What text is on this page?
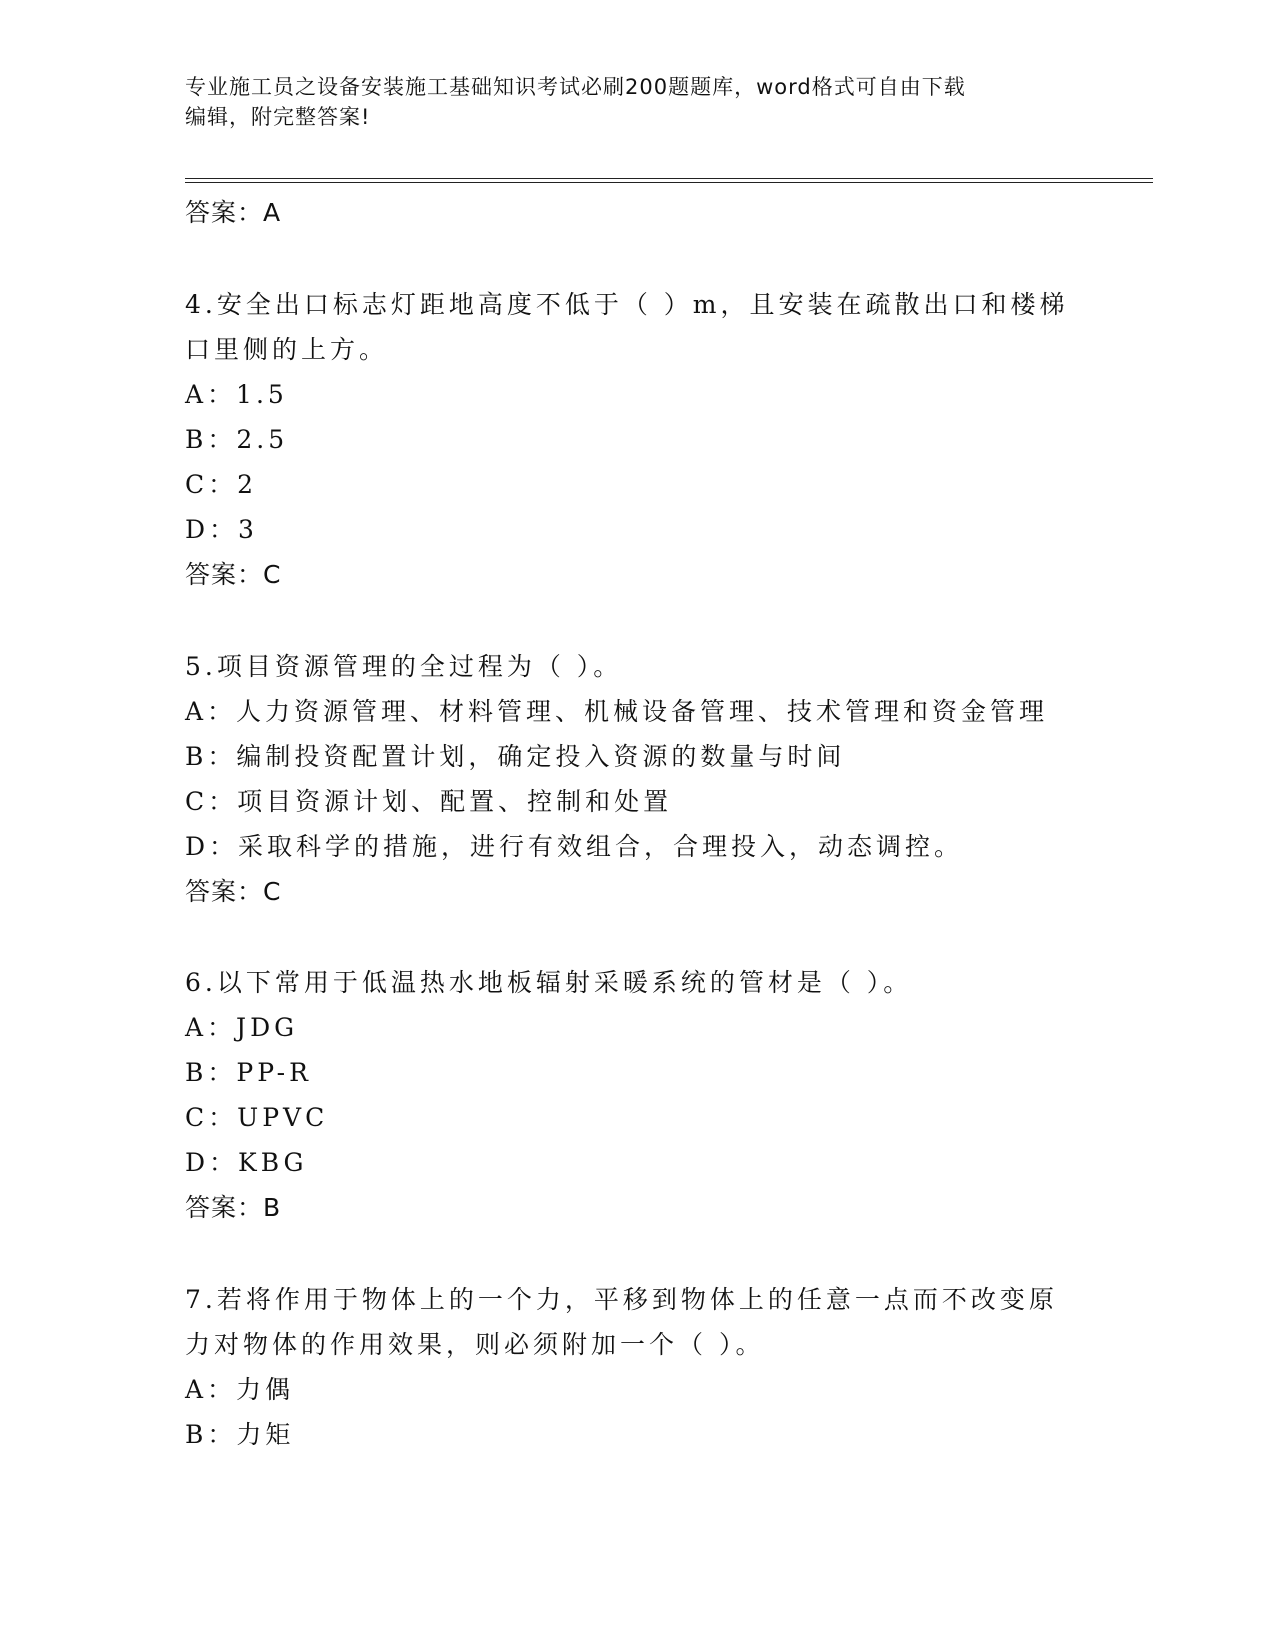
专业施工员之设备安装施工基础知识考试必刷200题题库，word格式可自由下载
编辑，附完整答案!
答案：A
4.安全出口标志灯距地高度不低于（ ）m，且安装在疏散出口和楼梯
口里侧的上方。
A：1.5
B：2.5
C：2
D：3
答案：C
5.项目资源管理的全过程为（ ）。
A：人力资源管理、材料管理、机械设备管理、技术管理和资金管理
B：编制投资配置计划，确定投入资源的数量与时间
C：项目资源计划、配置、控制和处置
D：采取科学的措施，进行有效组合，合理投入，动态调控。
答案：C
6.以下常用于低温热水地板辐射采暖系统的管材是（ ）。
A：JDG
B：PP-R
C：UPVC
D：KBG
答案：B
7.若将作用于物体上的一个力，平移到物体上的任意一点而不改变原
力对物体的作用效果，则必须附加一个（ ）。
A：力偶
B：力矩
